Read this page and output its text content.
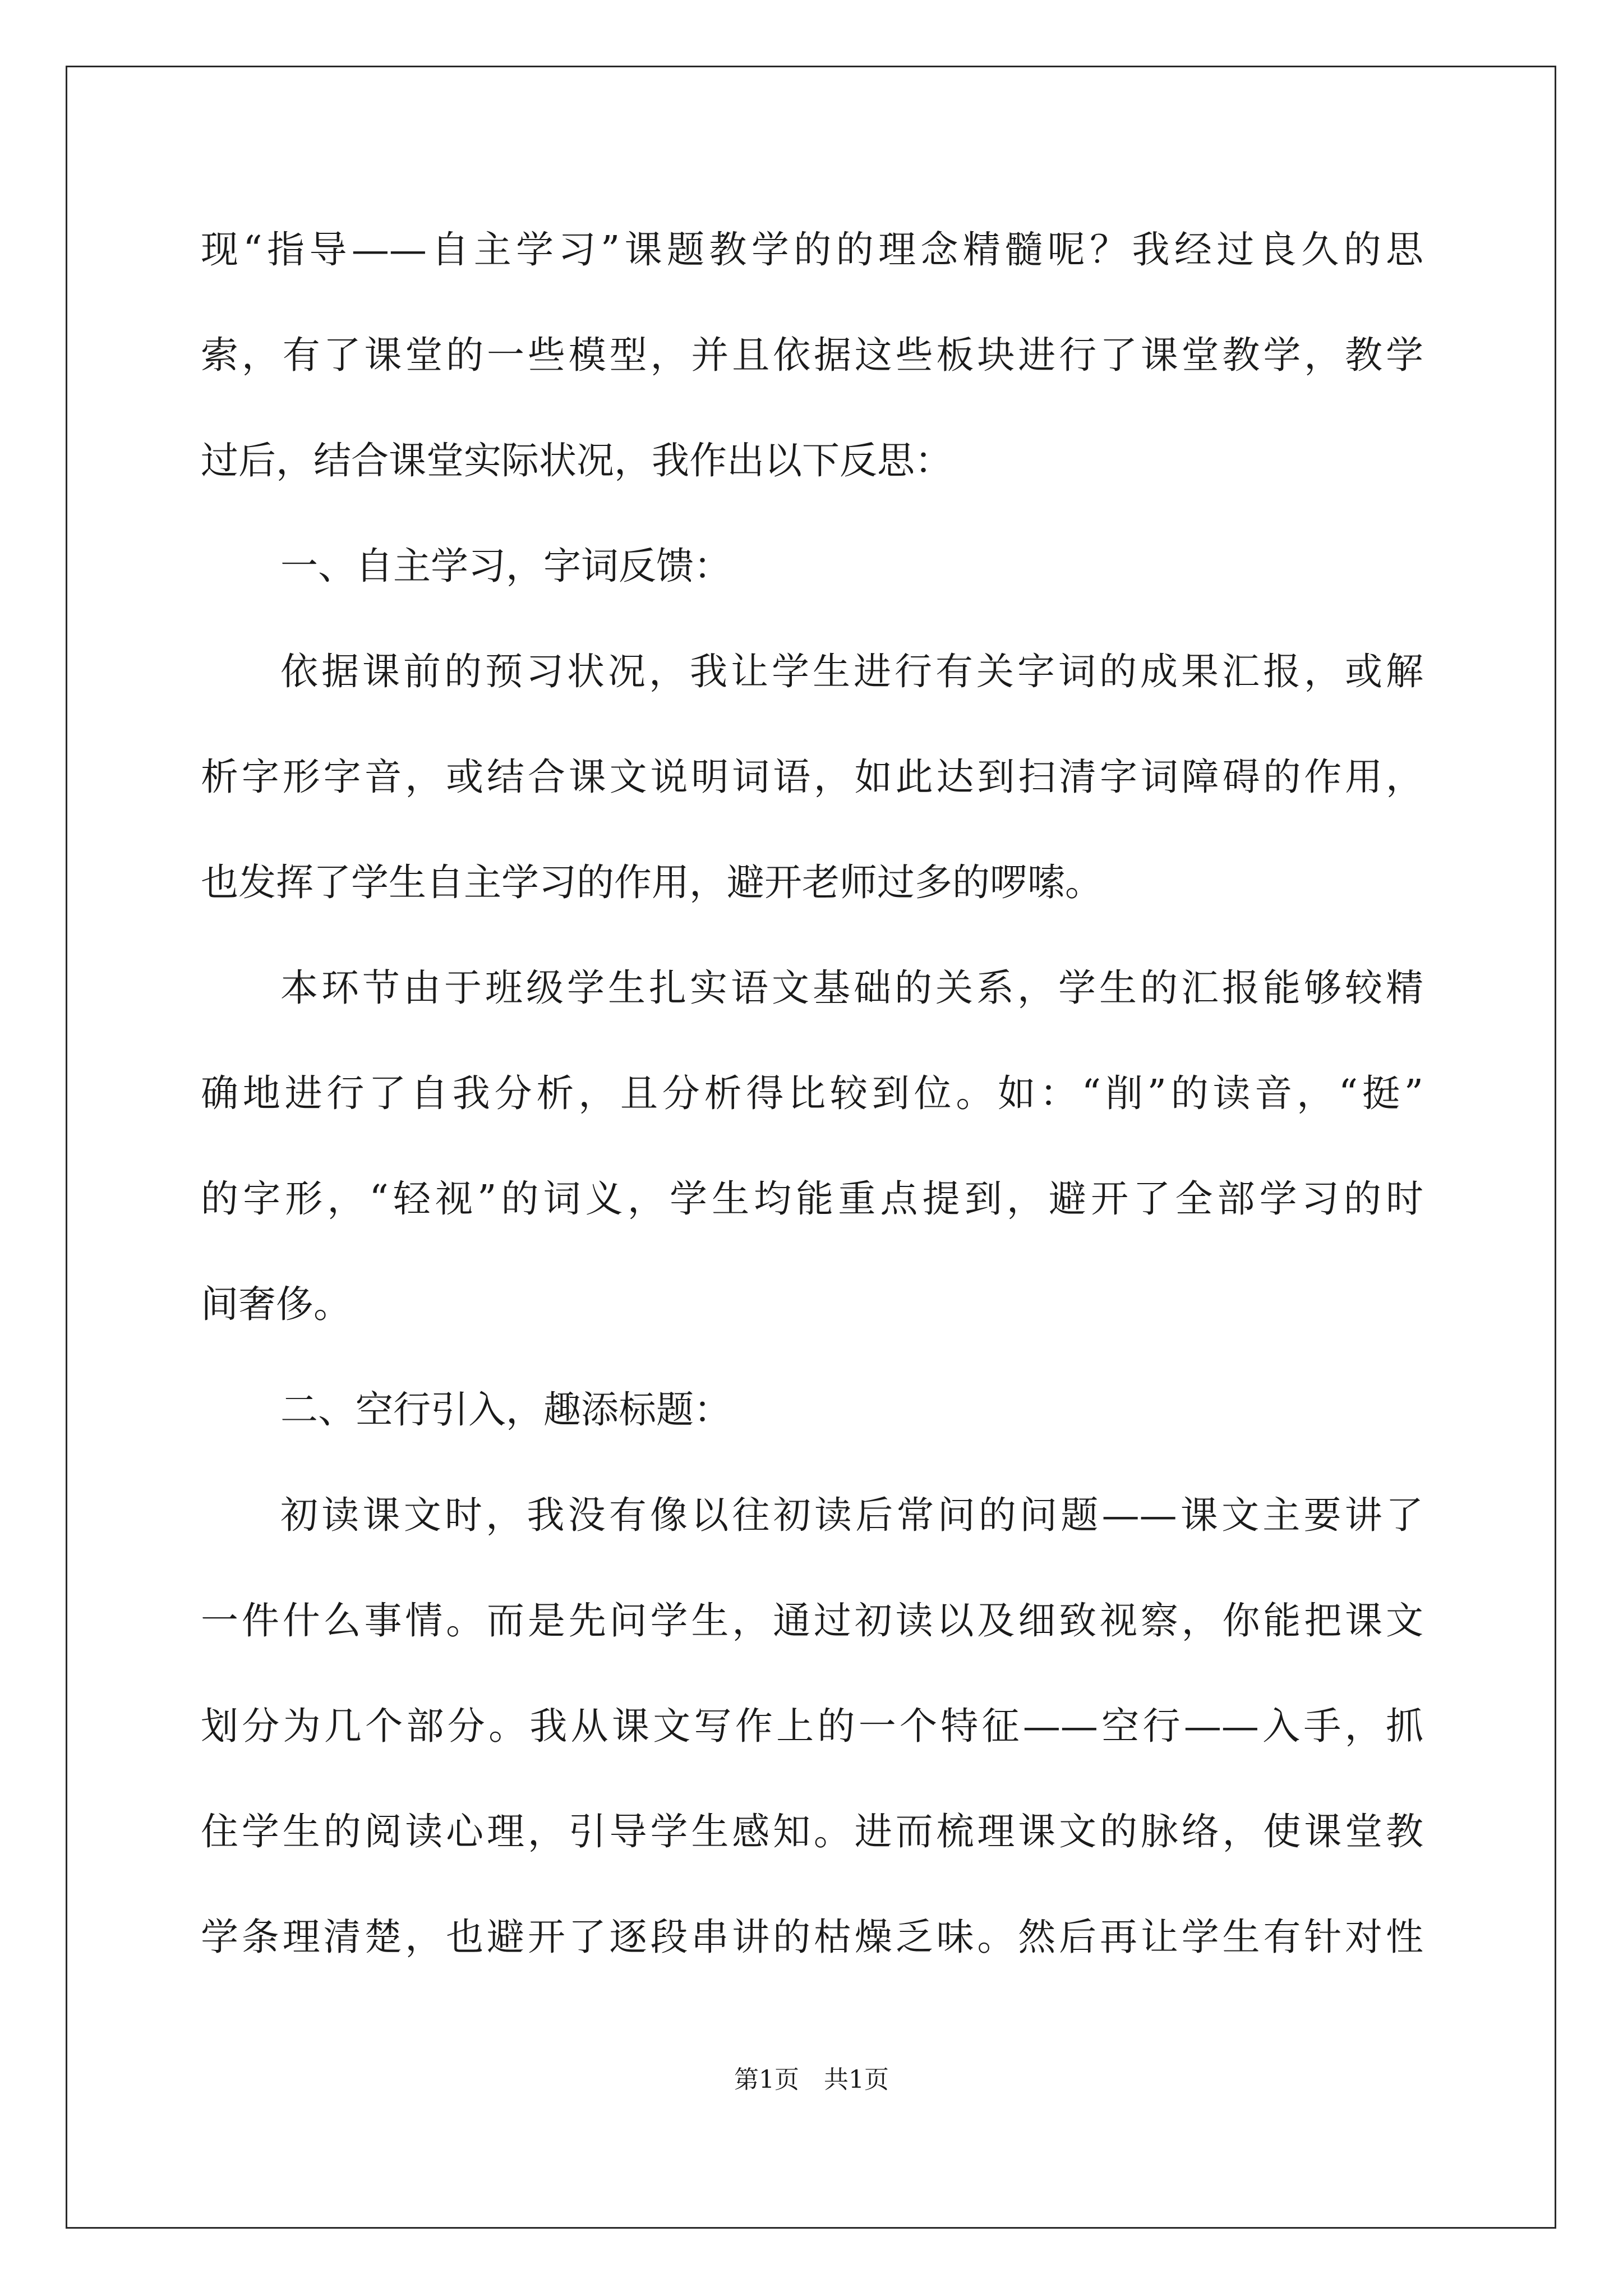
现“指导——自主学习”课题教学的的理念精髓呢？我经过良久的思
索，有了课堂的一些模型，并且依据这些板块进行了课堂教学，教学
过后，结合课堂实际状况，我作出以下反思：
一、自主学习，字词反馈：
依据课前的预习状况，我让学生进行有关字词的成果汇报，或解
析字形字音，或结合课文说明词语，如此达到扫清字词障碍的作用，
也发挥了学生自主学习的作用，避开老师过多的啰嗦。
本环节由于班级学生扎实语文基础的关系，学生的汇报能够较精
确地进行了自我分析，且分析得比较到位。如：“削”的读音，“挺”
的字形，“轻视”的词义，学生均能重点提到，避开了全部学习的时
间奢侈。
二、空行引入，趣添标题：
初读课文时，我没有像以往初读后常问的问题——课文主要讲了
一件什么事情。而是先问学生，通过初读以及细致视察，你能把课文
划分为几个部分。我从课文写作上的一个特征——空行——入手，抓
住学生的阅读心理，引导学生感知。进而梳理课文的脉络，使课堂教
学条理清楚，也避开了逐段串讲的枯燥乏味。然后再让学生有针对性
第1页　共1页
